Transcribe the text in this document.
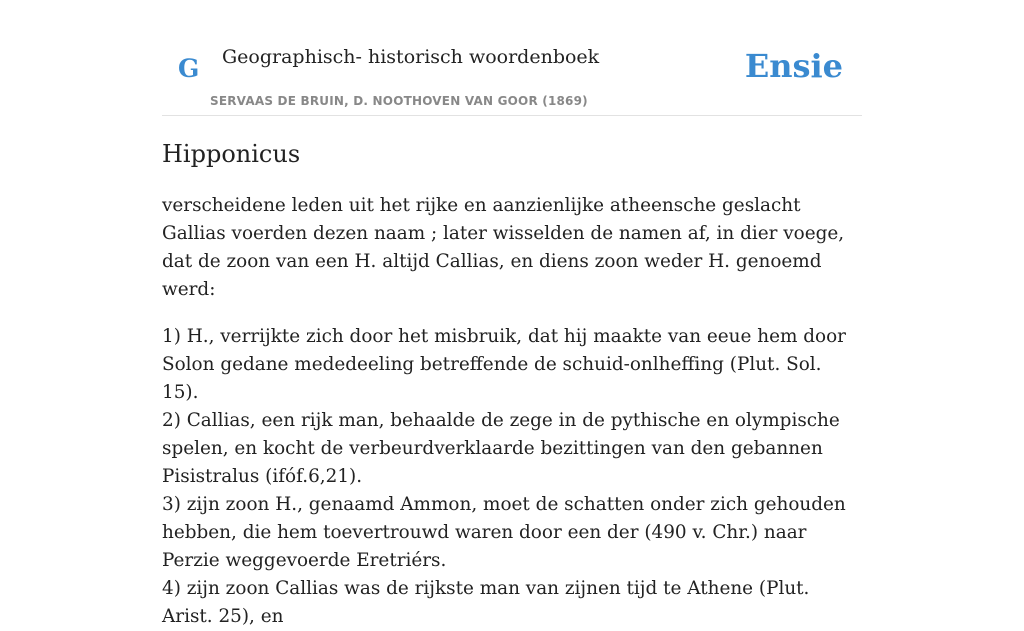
G Geographisch- historisch woordenboek
SERVAAS DE BRUIN, D. NOOTHOVEN VAN GOOR (1869)
Ensie
Hipponicus

verscheidene leden uit het rijke en aanzienlijke atheensche geslacht Gallias voerden dezen naam ; later wisselden de namen af, in dier voege, dat de zoon van een H. altijd Callias, en diens zoon weder H. genoemd werd:

1) H., verrijkte zich door het misbruik, dat hij maakte van eeue hem door Solon gedane mededeeling betreffende de schuid-onlheffing (Plut. Sol. 15).

2) Callias, een rijk man, behaalde de zege in de pythische en olympische spelen, en kocht de verbeurdverklaarde bezittingen van den gebannen Pisistralus (ifóf.6,21).

3) zijn zoon H., genaamd Ammon, moet de schatten onder zich gehouden hebben, die hem toevertrouwd waren door een der (490 v. Chr.) naar Perzie weggevoerde Eretriérs.

4) zijn zoon Callias was de rijkste man van zijnen tijd te Athene (Plut. Arist. 25), en
